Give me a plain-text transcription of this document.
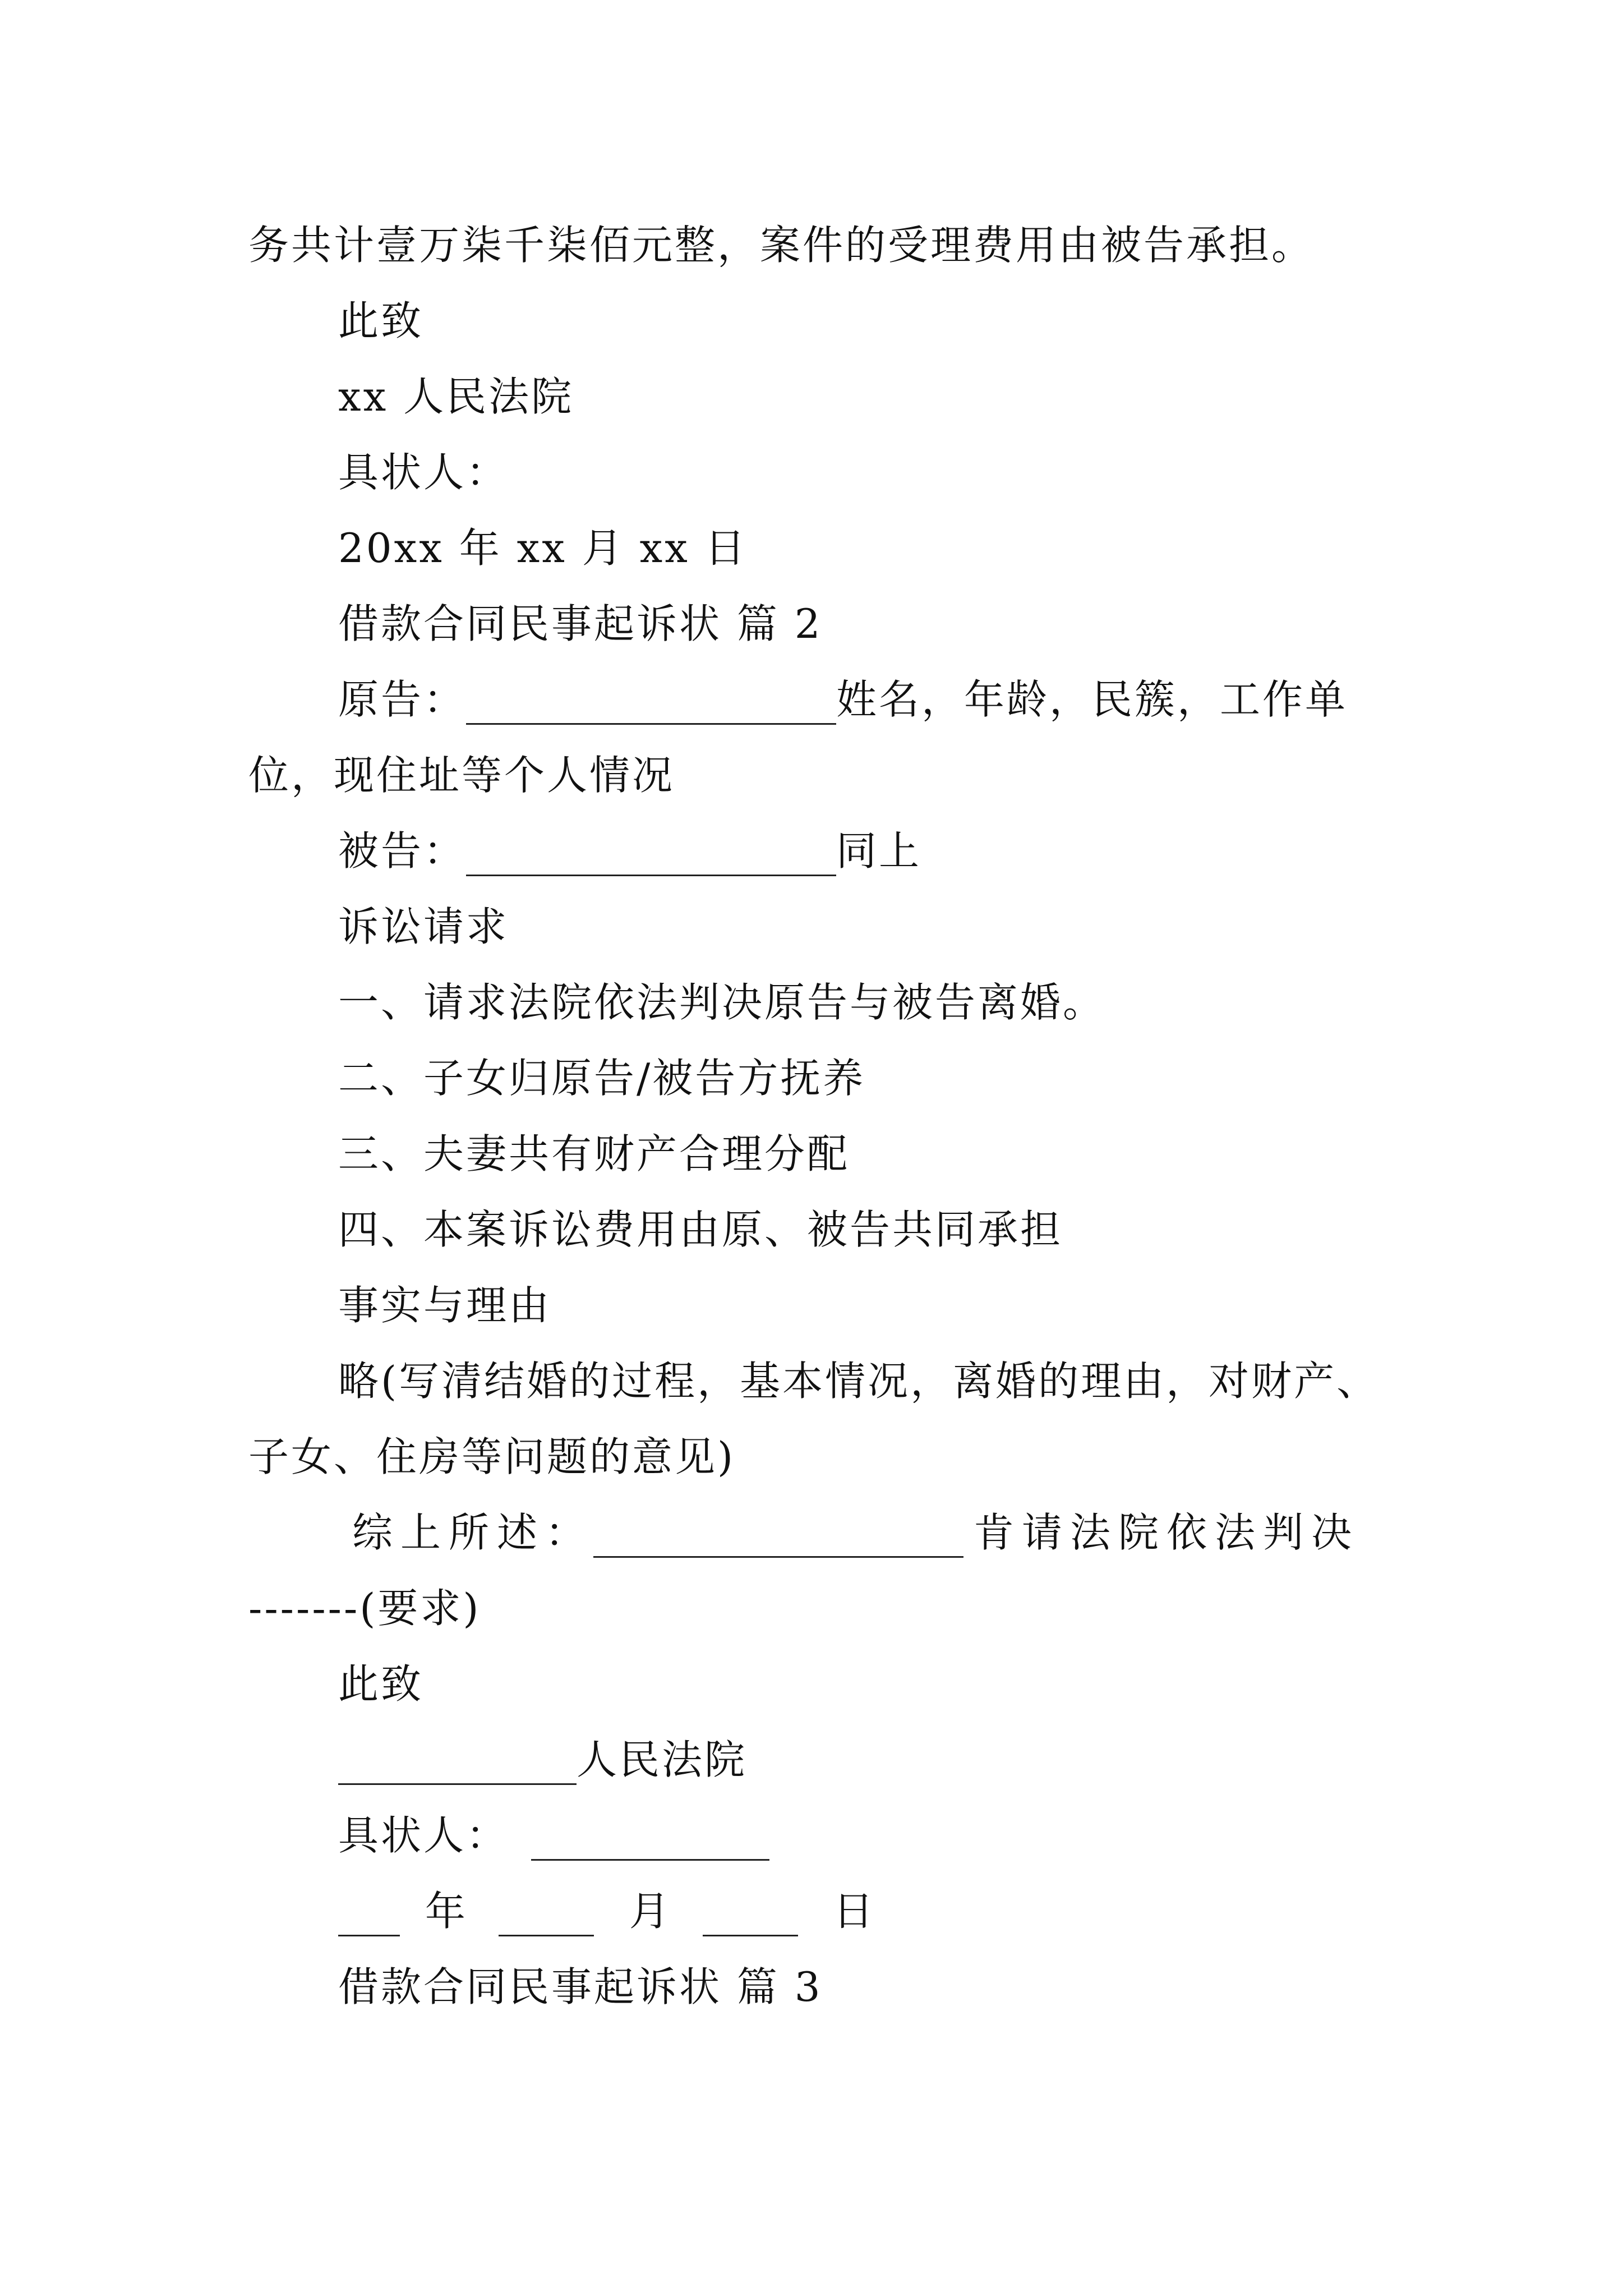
务共计壹万柒千柒佰元整，案件的受理费用由被告承担。
此致
xx 人民法院
具状人：
20xx 年 xx 月 xx 日
借款合同民事起诉状 篇 2
原告：	姓名，年龄，民簇，工作单
位，现住址等个人情况
被告：	同上
诉讼请求
一、请求法院依法判决原告与被告离婚。
二、子女归原告/被告方抚养
三、夫妻共有财产合理分配
四、本案诉讼费用由原、被告共同承担
事实与理由
略(写清结婚的过程，基本情况，离婚的理由，对财产、
子女、住房等问题的意见)
综上所述：	肯请法院依法判决
-------(要求)
此致
人民法院
具状人：
年	月	日
借款合同民事起诉状 篇 3
